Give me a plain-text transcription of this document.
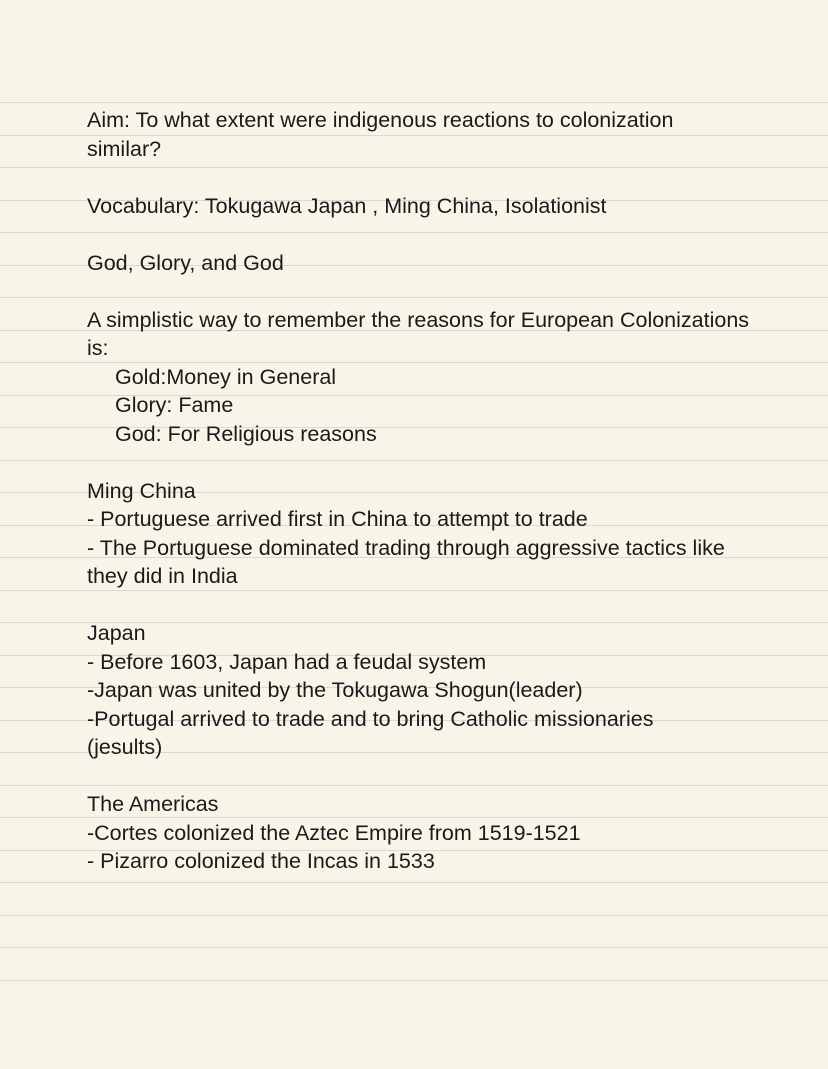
Aim: To what extent were indigenous reactions to colonization
similar?
Vocabulary: Tokugawa Japan , Ming China, Isolationist
God, Glory, and God
A simplistic way to remember the reasons for European Colonizations
is:
Gold:Money in General
Glory: Fame
God: For Religious reasons
Ming China
- Portuguese arrived first in China to attempt to trade
- The Portuguese dominated trading through aggressive tactics like
they did in India
Japan
- Before 1603, Japan had a feudal system
-Japan was united by the Tokugawa Shogun(leader)
-Portugal arrived to trade and to bring Catholic missionaries
(jesults)
The Americas
-Cortes colonized the Aztec Empire from 1519-1521
- Pizarro colonized the Incas in 1533
